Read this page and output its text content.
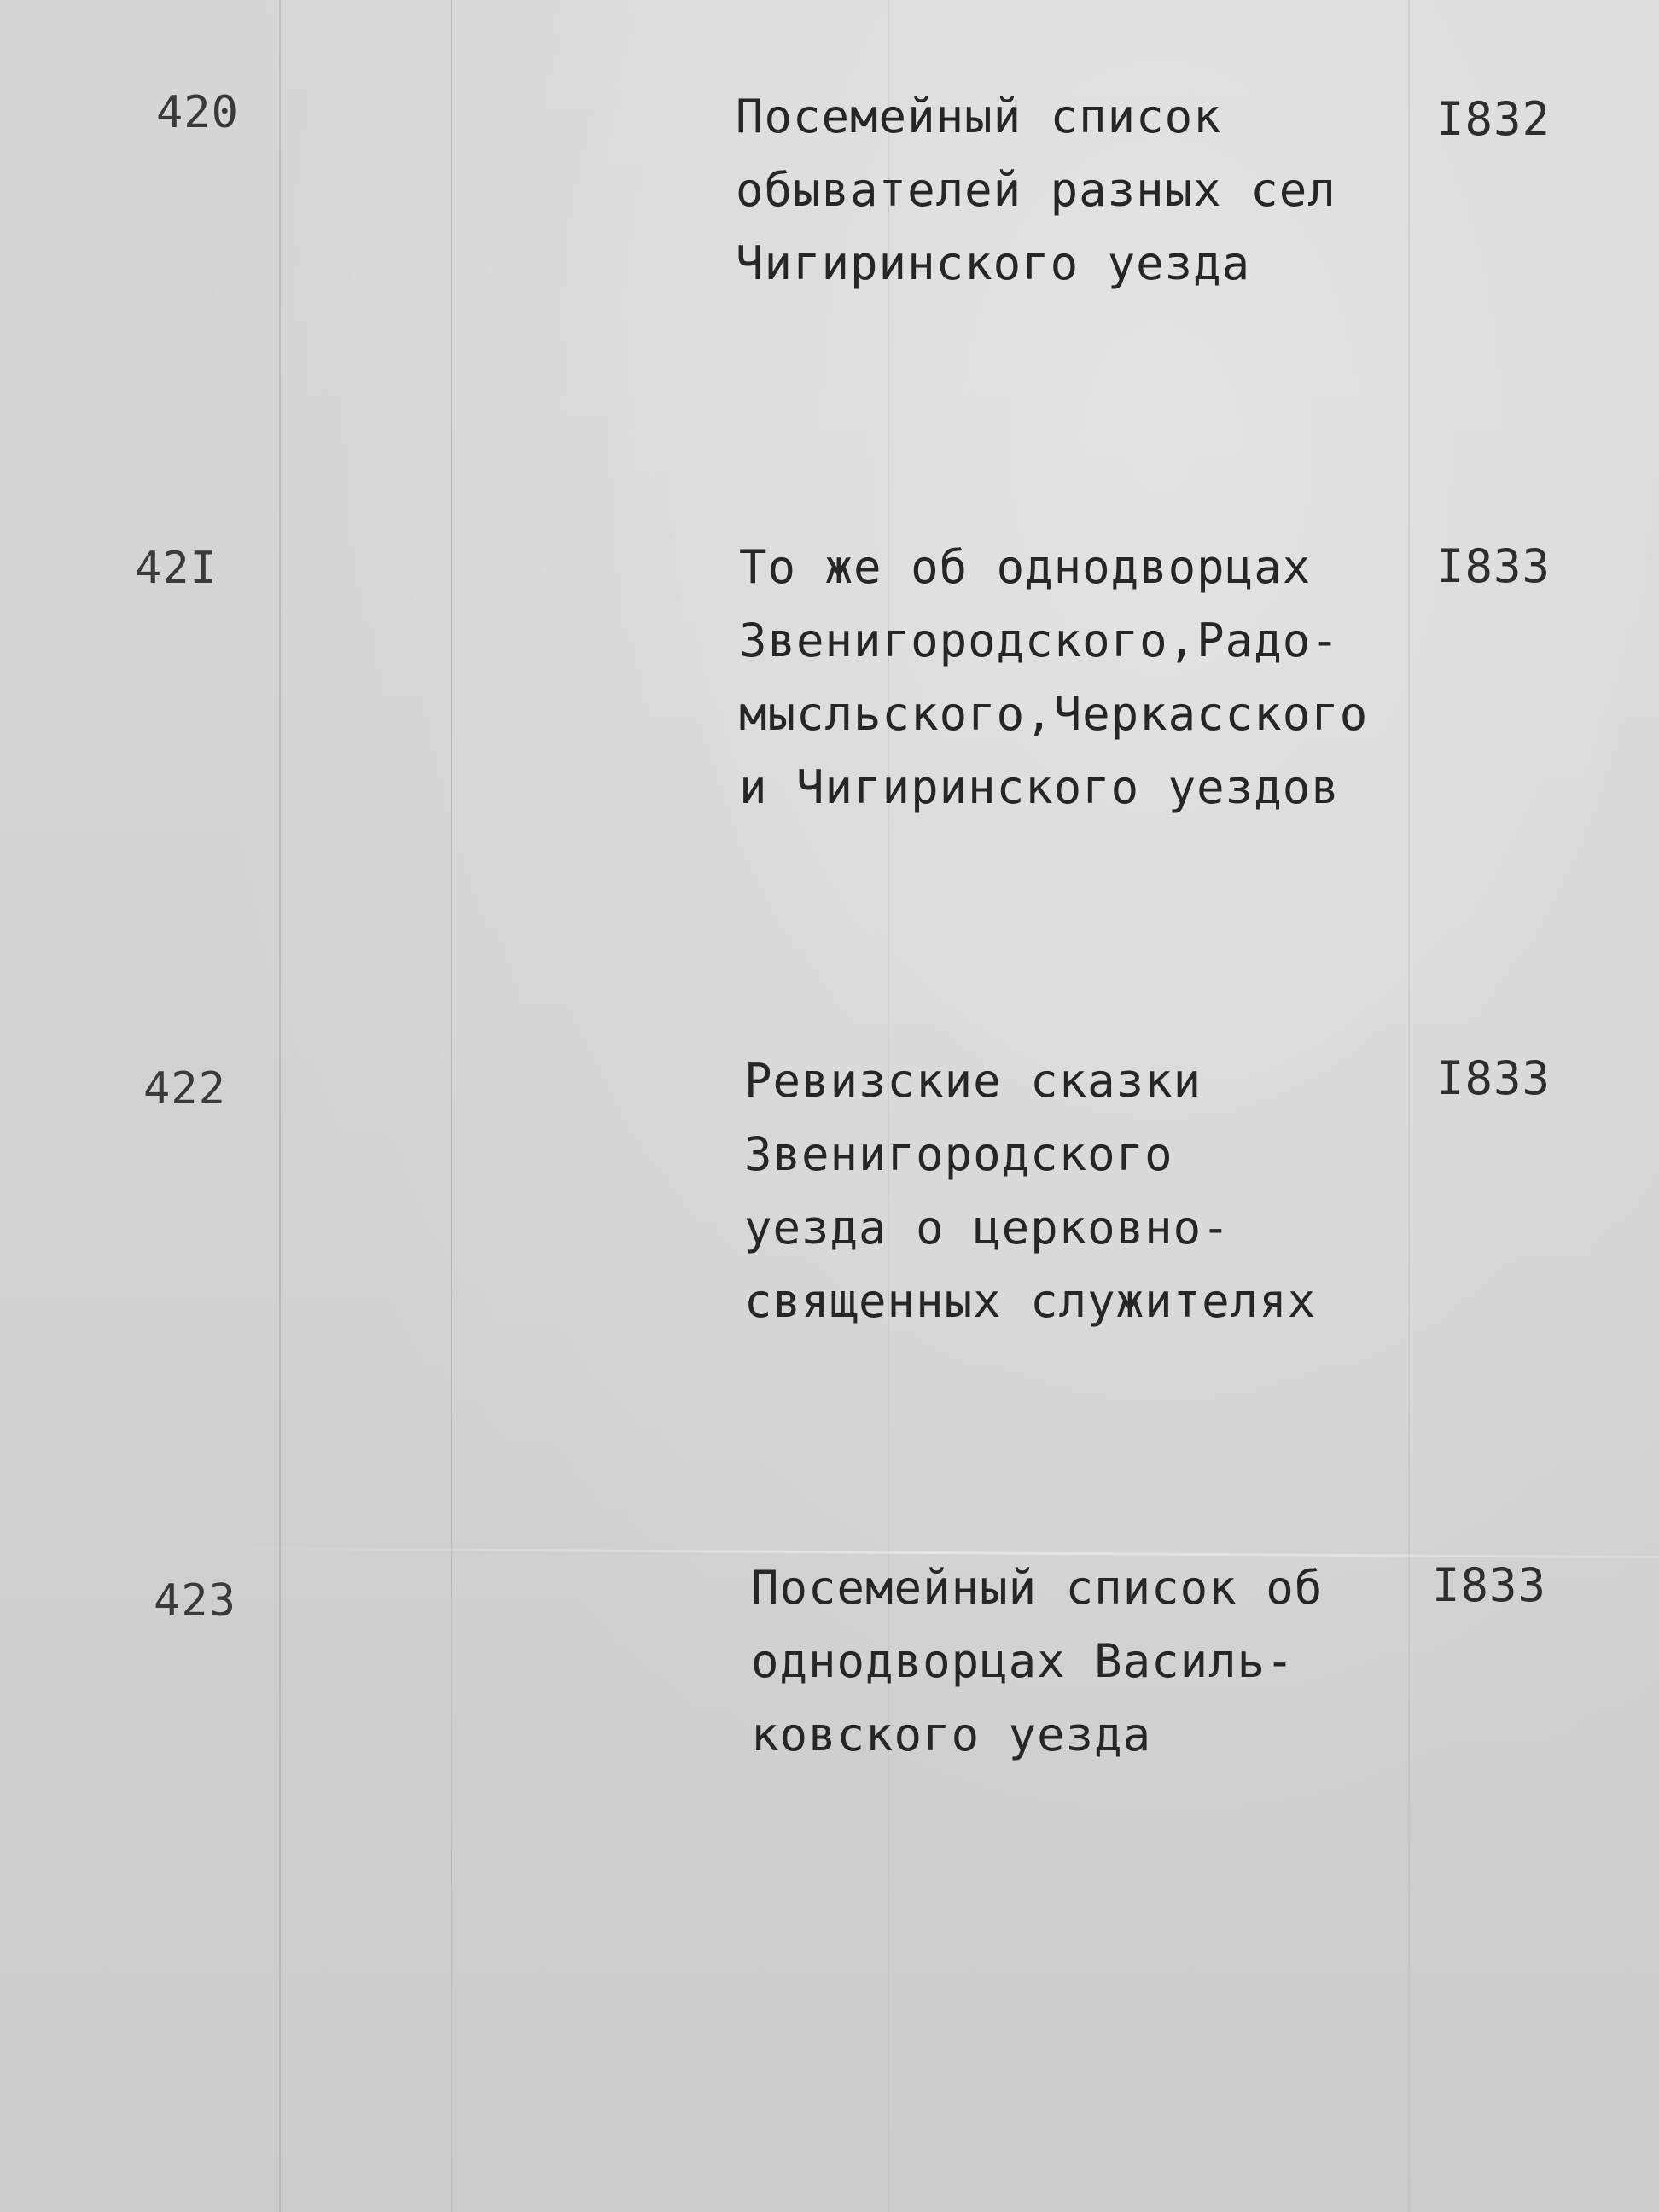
420	Посемейный список
обывателей разных сел
Чигиринского уезда
I832
42I	То же об однодворцах
Звенигородского,Радо-
мысльского,Черкасского
и Чигиринского уездов
I833
422	Ревизские сказки
Звенигородского
уезда о церковно-
священных служителях
I833
423	Посемейный список об
однодворцах Василь-
ковского уезда
I833
